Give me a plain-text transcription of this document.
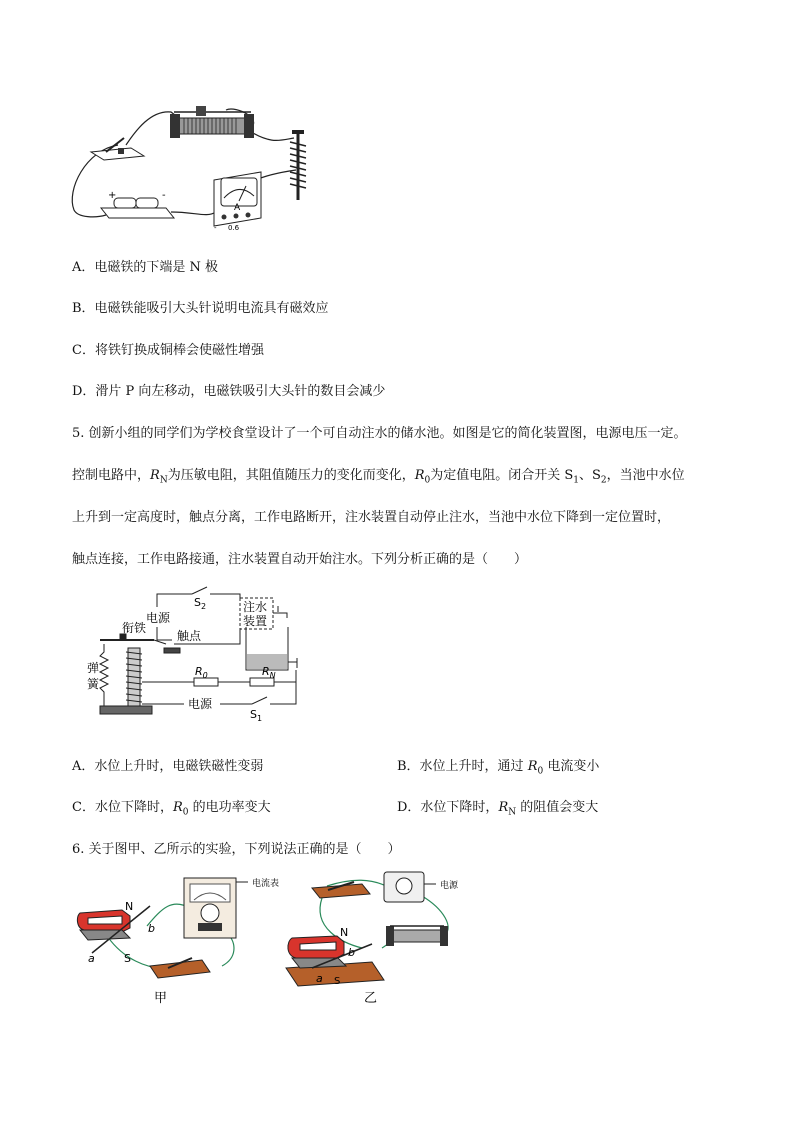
+	-
A
- 0.6
A．电磁铁的下端是 N 极
B．电磁铁能吸引大头针说明电流具有磁效应
C．将铁钉换成铜棒会使磁性增强
D．滑片 P 向左移动，电磁铁吸引大头针的数目会减少
5. 创新小组的同学们为学校食堂设计了一个可自动注水的储水池。如图是它的简化装置图，电源电压一定。
控制电路中，$R_N$为压敏电阻，其阻值随压力的变化而变化，$R_0$为定值电阻。闭合开关 $S_1$、$S_2$，当池中水位
上升到一定高度时，触点分离，工作电路断开，注水装置自动停止注水，当池中水位下降到一定位置时，
触点连接，工作电路接通，注水装置自动开始注水。下列分析正确的是（　　）
$S_2$
电源
注水
装置
衔铁
触点
弹
簧
$R_0$	$R_N$
电源
$S_1$
A．水位上升时，电磁铁磁性变弱	B．水位上升时，通过 $R_0$ 电流变小
C．水位下降时，$R_0$ 的电功率变大	D．水位下降时，$R_N$ 的阻值会变大
6. 关于图甲、乙所示的实验，下列说法正确的是（　　）
N
S
a
b
电流表
甲
电源
N
S
a
b
乙
